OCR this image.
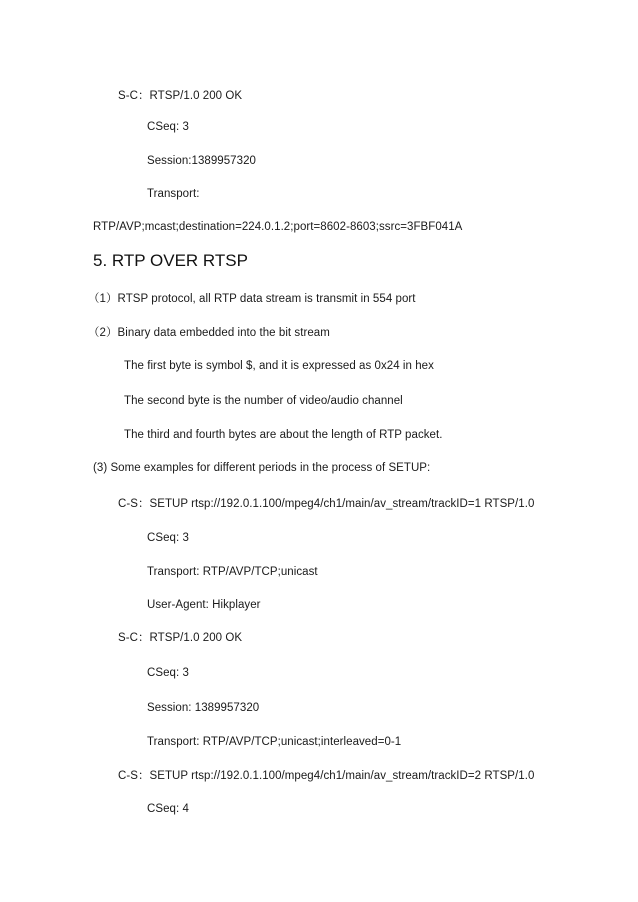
S-C：RTSP/1.0 200 OK
CSeq: 3
Session:1389957320
Transport:
RTP/AVP;mcast;destination=224.0.1.2;port=8602-8603;ssrc=3FBF041A
5. RTP OVER RTSP
（1）RTSP protocol, all RTP data stream is transmit in 554 port
（2）Binary data embedded into the bit stream
The first byte is symbol $, and it is expressed as 0x24 in hex
The second byte is the number of video/audio channel
The third and fourth bytes are about the length of RTP packet.
(3) Some examples for different periods in the process of SETUP:
C-S：SETUP rtsp://192.0.1.100/mpeg4/ch1/main/av_stream/trackID=1 RTSP/1.0
CSeq: 3
Transport: RTP/AVP/TCP;unicast
User-Agent: Hikplayer
S-C：RTSP/1.0 200 OK
CSeq: 3
Session: 1389957320
Transport: RTP/AVP/TCP;unicast;interleaved=0-1
C-S：SETUP rtsp://192.0.1.100/mpeg4/ch1/main/av_stream/trackID=2 RTSP/1.0
CSeq: 4
